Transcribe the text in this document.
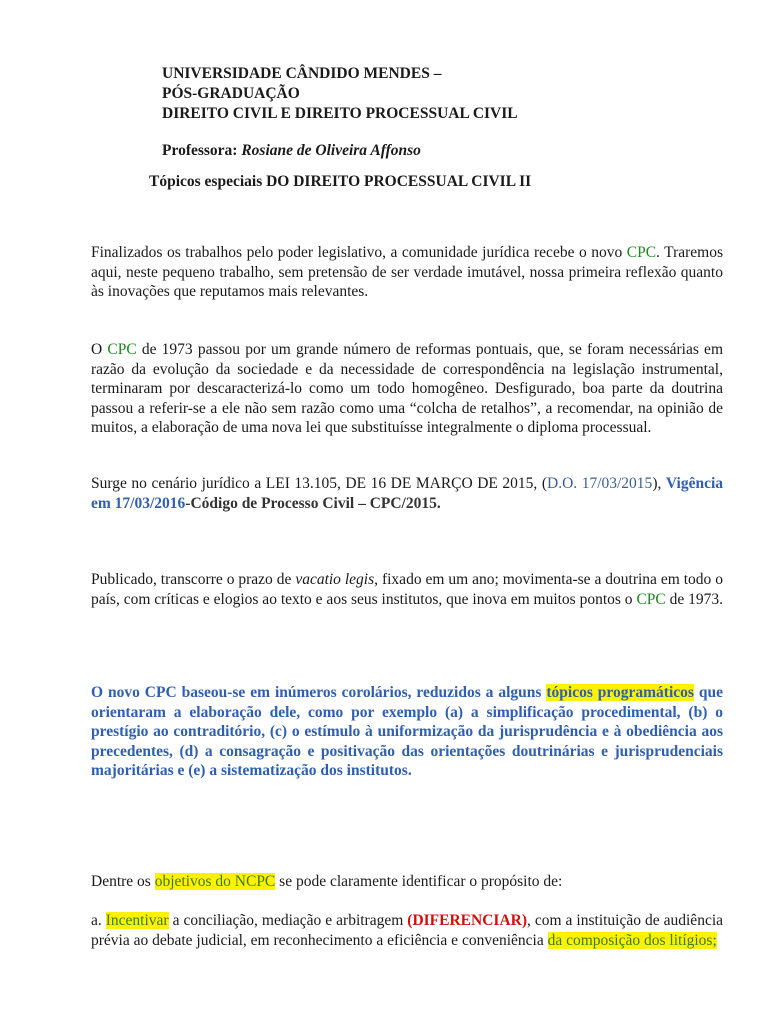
UNIVERSIDADE CÂNDIDO MENDES –
PÓS-GRADUAÇÃO
DIREITO CIVIL E DIREITO PROCESSUAL CIVIL
Professora: Rosiane de Oliveira Affonso
Tópicos especiais DO DIREITO PROCESSUAL CIVIL II

Finalizados os trabalhos pelo poder legislativo, a comunidade jurídica recebe o novo CPC. Traremos aqui, neste pequeno trabalho, sem pretensão de ser verdade imutável, nossa primeira reflexão quanto às inovações que reputamos mais relevantes.

O CPC de 1973 passou por um grande número de reformas pontuais, que, se foram necessárias em razão da evolução da sociedade e da necessidade de correspondência na legislação instrumental, terminaram por descaracterizá-lo como um todo homogêneo. Desfigurado, boa parte da doutrina passou a referir-se a ele não sem razão como uma “colcha de retalhos”, a recomendar, na opinião de muitos, a elaboração de uma nova lei que substituísse integralmente o diploma processual.

Surge no cenário jurídico a LEI 13.105, DE 16 DE MARÇO DE 2015, (D.O. 17/03/2015), Vigência em 17/03/2016-Código de Processo Civil – CPC/2015.

Publicado, transcorre o prazo de vacatio legis, fixado em um ano; movimenta-se a doutrina em todo o país, com críticas e elogios ao texto e aos seus institutos, que inova em muitos pontos o CPC de 1973.

O novo CPC baseou-se em inúmeros corolários, reduzidos a alguns tópicos programáticos que orientaram a elaboração dele, como por exemplo (a) a simplificação procedimental, (b) o prestígio ao contraditório, (c) o estímulo à uniformização da jurisprudência e à obediência aos precedentes, (d) a consagração e positivação das orientações doutrinárias e jurisprudenciais majoritárias e (e) a sistematização dos institutos.

Dentre os objetivos do NCPC se pode claramente identificar o propósito de:

a. Incentivar a conciliação, mediação e arbitragem (DIFERENCIAR), com a instituição de audiência prévia ao debate judicial, em reconhecimento a eficiência e conveniência da composição dos litígios;
